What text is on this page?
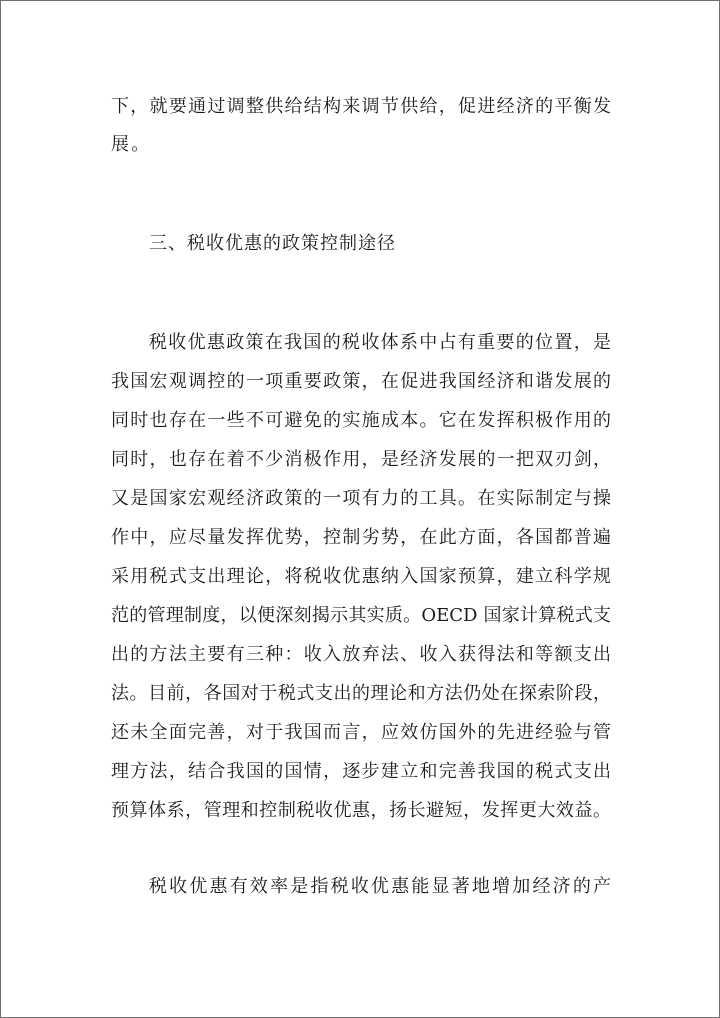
下，就要通过调整供给结构来调节供给，促进经济的平衡发
展。
三、税收优惠的政策控制途径
税收优惠政策在我国的税收体系中占有重要的位置，是
我国宏观调控的一项重要政策，在促进我国经济和谐发展的
同时也存在一些不可避免的实施成本。它在发挥积极作用的
同时，也存在着不少消极作用，是经济发展的一把双刃剑，
又是国家宏观经济政策的一项有力的工具。在实际制定与操
作中，应尽量发挥优势，控制劣势，在此方面，各国都普遍
采用税式支出理论，将税收优惠纳入国家预算，建立科学规
范的管理制度，以便深刻揭示其实质。OECD 国家计算税式支
出的方法主要有三种：收入放弃法、收入获得法和等额支出
法。目前，各国对于税式支出的理论和方法仍处在探索阶段，
还未全面完善，对于我国而言，应效仿国外的先进经验与管
理方法，结合我国的国情，逐步建立和完善我国的税式支出
预算体系，管理和控制税收优惠，扬长避短，发挥更大效益。
税收优惠有效率是指税收优惠能显著地增加经济的产
